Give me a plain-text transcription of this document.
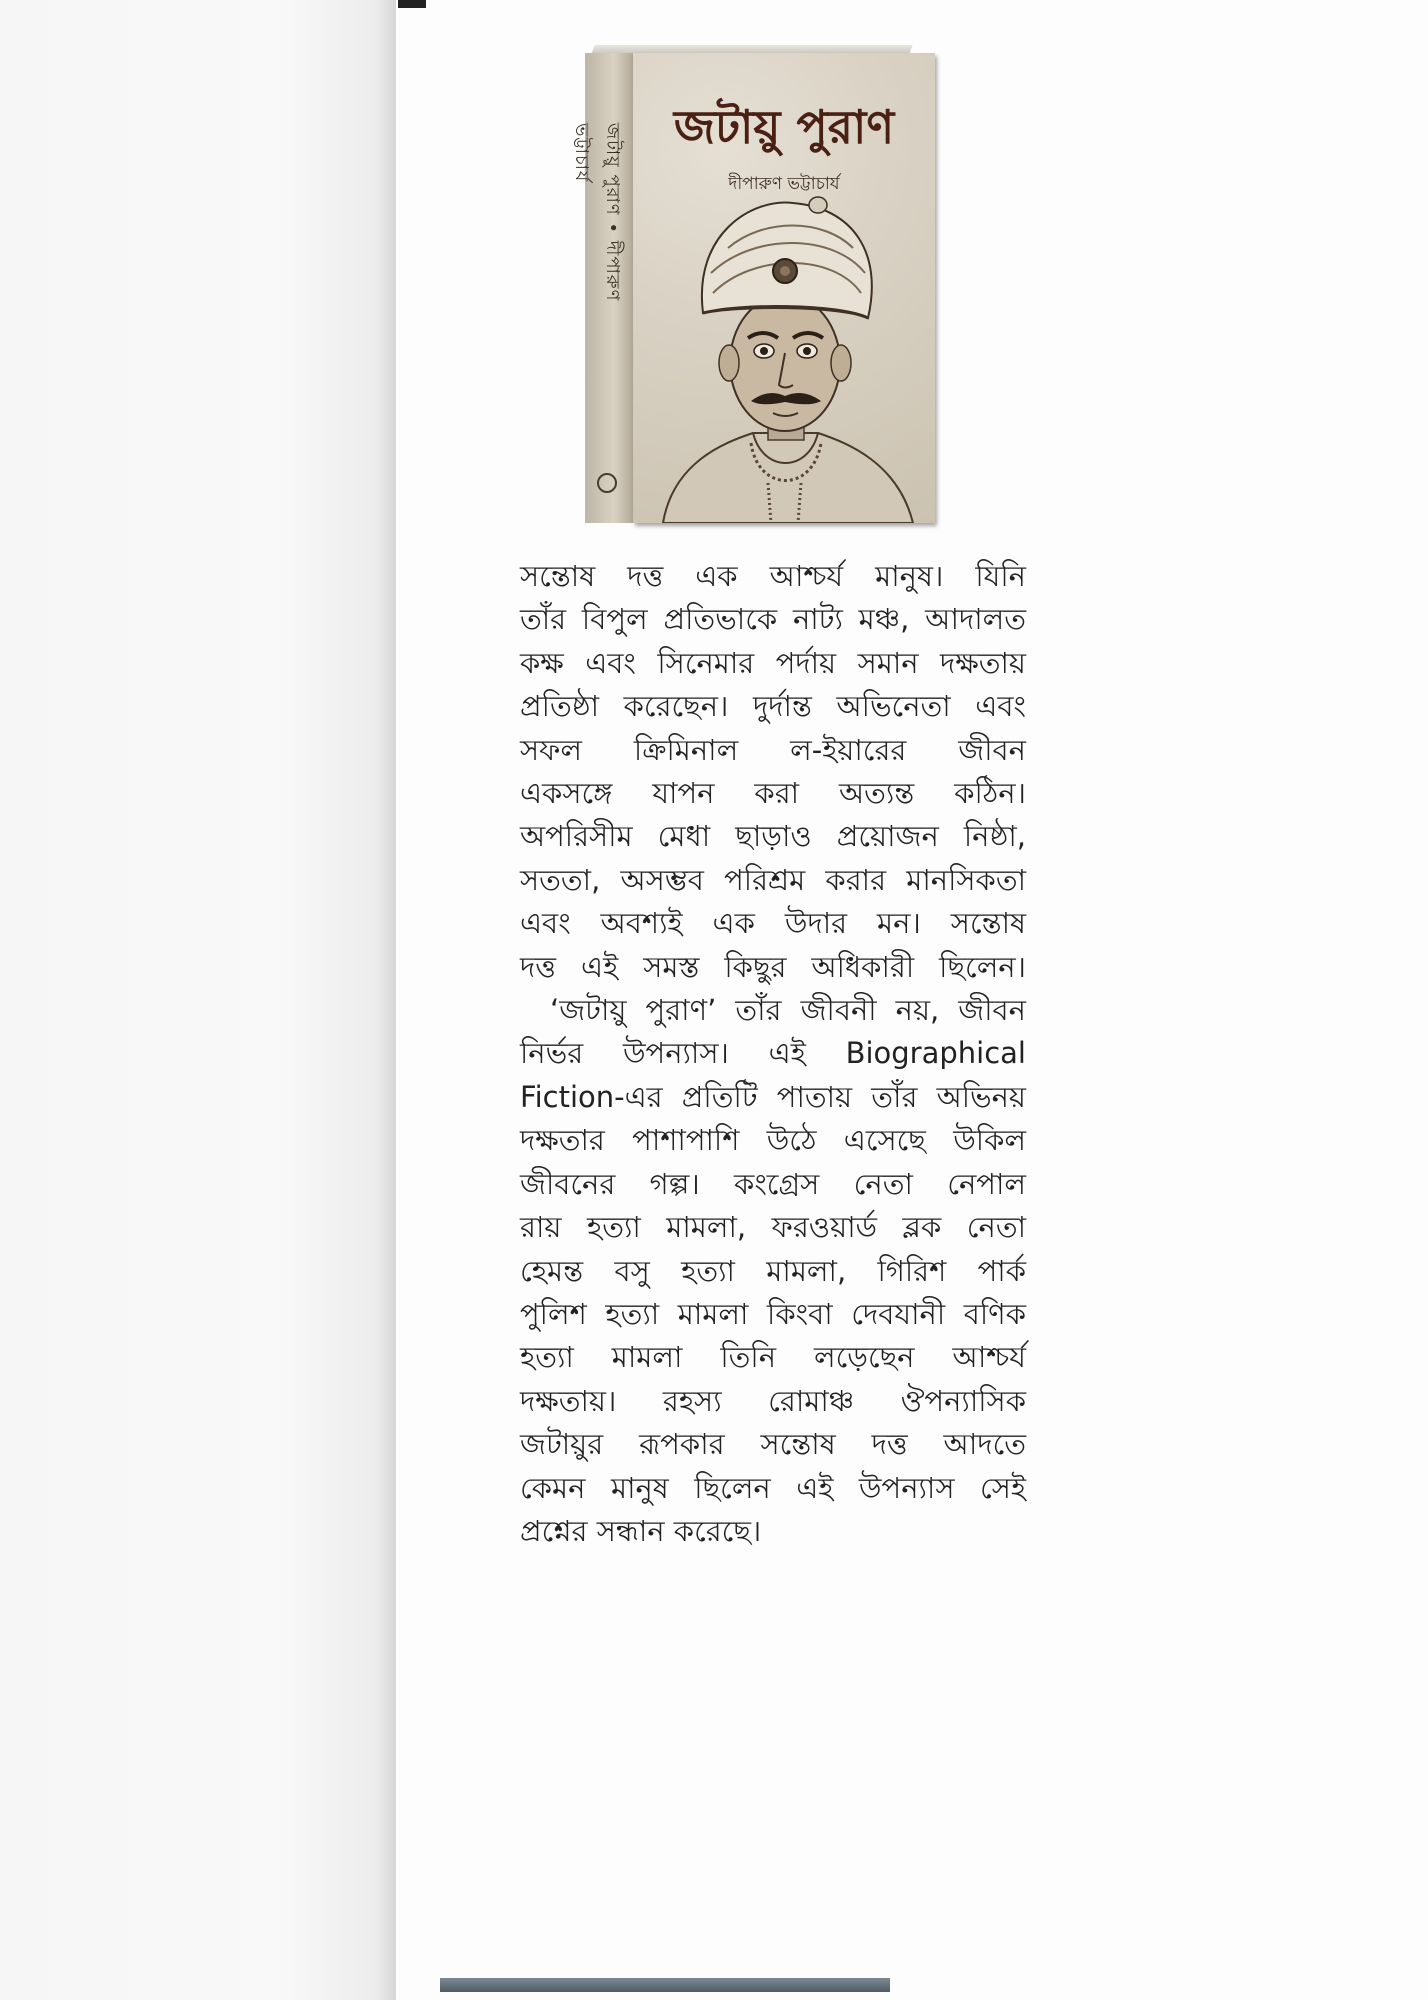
জটায়ু পুরাণ • দীপারুণ ভট্টাচার্য	জটায়ু পুরাণ
দীপারুণ ভট্টাচার্য
সন্তোষ দত্ত এক আশ্চর্য মানুষ। যিনি
তাঁর বিপুল প্রতিভাকে নাট্য মঞ্চ, আদালত
কক্ষ এবং সিনেমার পর্দায় সমান দক্ষতায়
প্রতিষ্ঠা করেছেন। দুর্দান্ত অভিনেতা এবং
সফল ক্রিমিনাল ল-ইয়ারের জীবন
একসঙ্গে যাপন করা অত্যন্ত কঠিন।
অপরিসীম মেধা ছাড়াও প্রয়োজন নিষ্ঠা,
সততা, অসম্ভব পরিশ্রম করার মানসিকতা
এবং অবশ্যই এক উদার মন। সন্তোষ
দত্ত এই সমস্ত কিছুর অধিকারী ছিলেন।
‘জটায়ু পুরাণ’ তাঁর জীবনী নয়, জীবন
নির্ভর উপন্যাস। এই Biographical
Fiction-এর প্রতিটি পাতায় তাঁর অভিনয়
দক্ষতার পাশাপাশি উঠে এসেছে উকিল
জীবনের গল্প। কংগ্রেস নেতা নেপাল
রায় হত্যা মামলা, ফরওয়ার্ড ব্লক নেতা
হেমন্ত বসু হত্যা মামলা, গিরিশ পার্ক
পুলিশ হত্যা মামলা কিংবা দেবযানী বণিক
হত্যা মামলা তিনি লড়েছেন আশ্চর্য
দক্ষতায়। রহস্য রোমাঞ্চ ঔপন্যাসিক
জটায়ুর রূপকার সন্তোষ দত্ত আদতে
কেমন মানুষ ছিলেন এই উপন্যাস সেই
প্রশ্নের সন্ধান করেছে।
